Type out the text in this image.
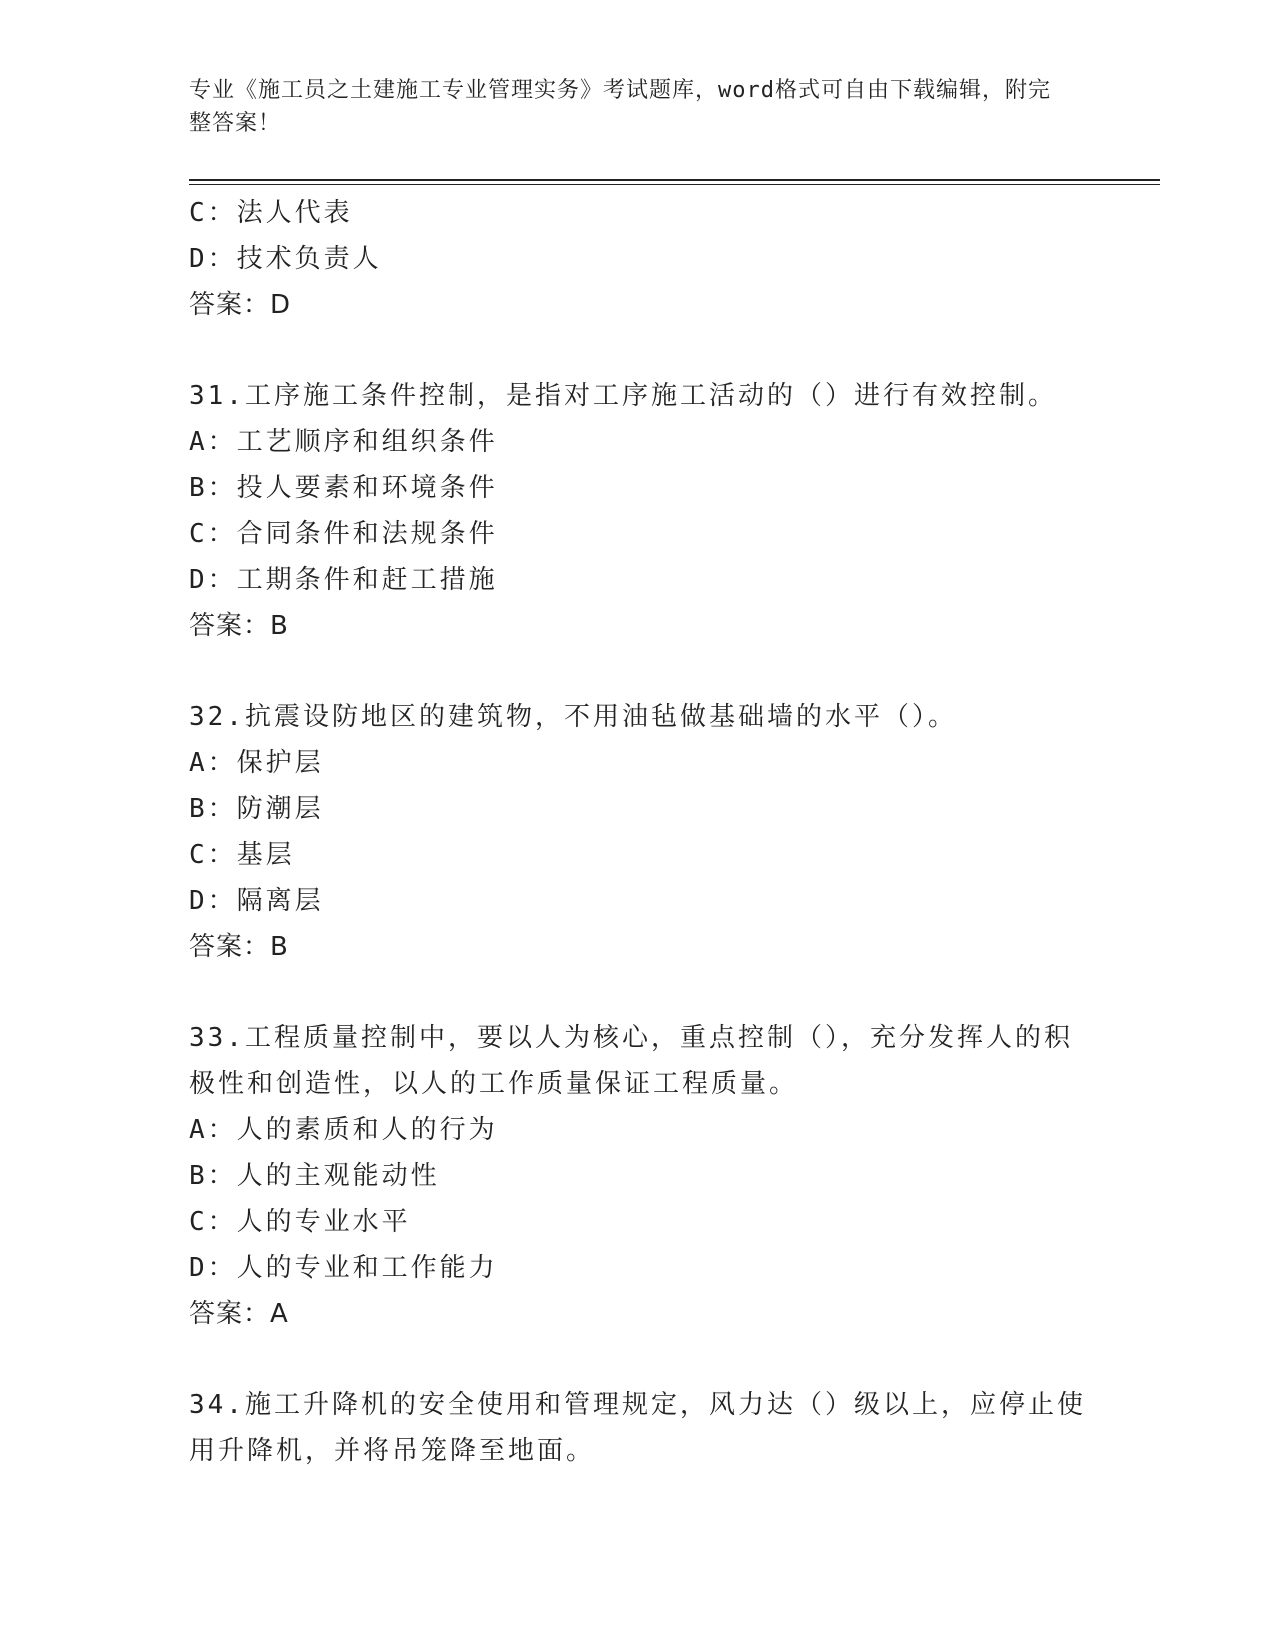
专业《施工员之土建施工专业管理实务》考试题库，word格式可自由下载编辑，附完整答案！
C：法人代表
D：技术负责人
答案：D
31.工序施工条件控制，是指对工序施工活动的（）进行有效控制。
A：工艺顺序和组织条件
B：投人要素和环境条件
C：合同条件和法规条件
D：工期条件和赶工措施
答案：B
32.抗震设防地区的建筑物，不用油毡做基础墙的水平（）。
A：保护层
B：防潮层
C：基层
D：隔离层
答案：B
33.工程质量控制中，要以人为核心，重点控制（），充分发挥人的积极性和创造性，以人的工作质量保证工程质量。
A：人的素质和人的行为
B：人的主观能动性
C：人的专业水平
D：人的专业和工作能力
答案：A
34.施工升降机的安全使用和管理规定，风力达（）级以上，应停止使用升降机，并将吊笼降至地面。
